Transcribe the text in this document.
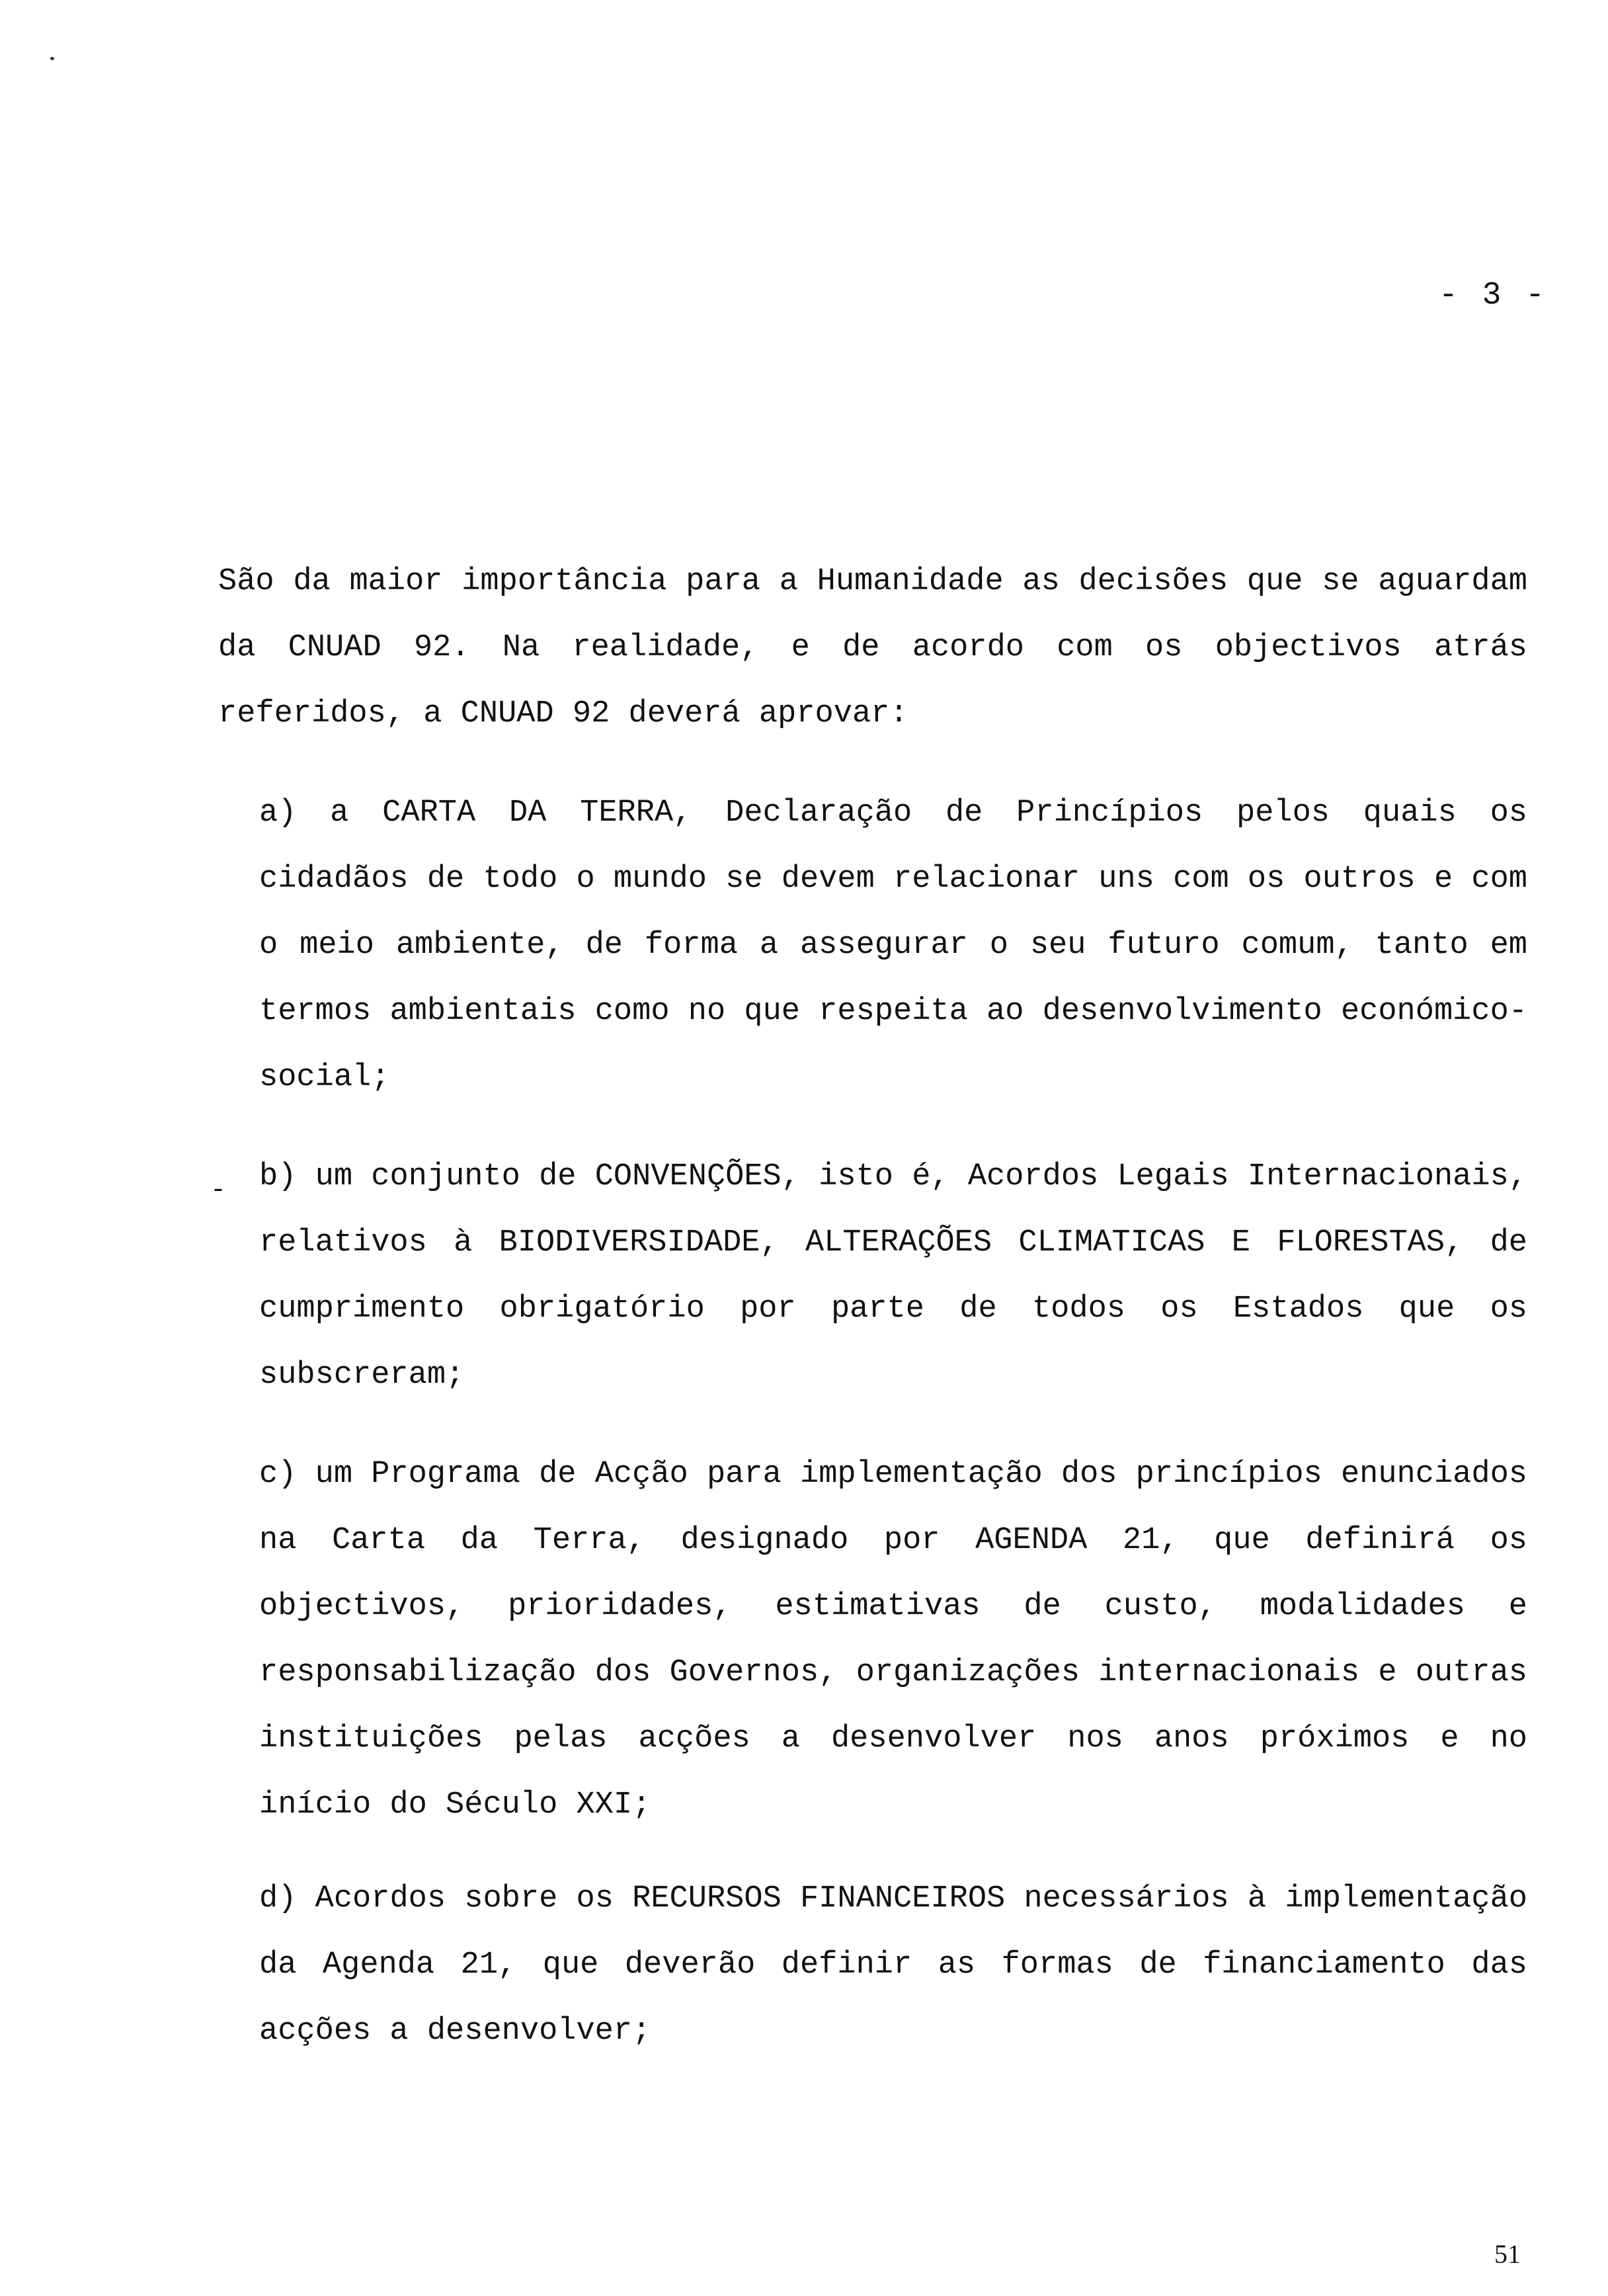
- 3 -

São da maior importância para a Humanidade as decisões que se aguardam da CNUAD 92. Na realidade, e de acordo com os objectivos atrás referidos, a CNUAD 92 deverá aprovar:

a) a CARTA DA TERRA, Declaração de Princípios pelos quais os cidadãos de todo o mundo se devem relacionar uns com os outros e com o meio ambiente, de forma a assegurar o seu futuro comum, tanto em termos ambientais como no que respeita ao desenvolvimento económico-social;

- b) um conjunto de CONVENÇÕES, isto é, Acordos Legais Internacionais, relativos à BIODIVERSIDADE, ALTERAÇÕES CLIMATICAS E FLORESTAS, de cumprimento obrigatório por parte de todos os Estados que os subscreram;

c) um Programa de Acção para implementação dos princípios enunciados na Carta da Terra, designado por AGENDA 21, que definirá os objectivos, prioridades, estimativas de custo, modalidades e responsabilização dos Governos, organizações internacionais e outras instituições pelas acções a desenvolver nos anos próximos e no início do Século XXI;

d) Acordos sobre os RECURSOS FINANCEIROS necessários à implementação da Agenda 21, que deverão definir as formas de financiamento das acções a desenvolver;

51
